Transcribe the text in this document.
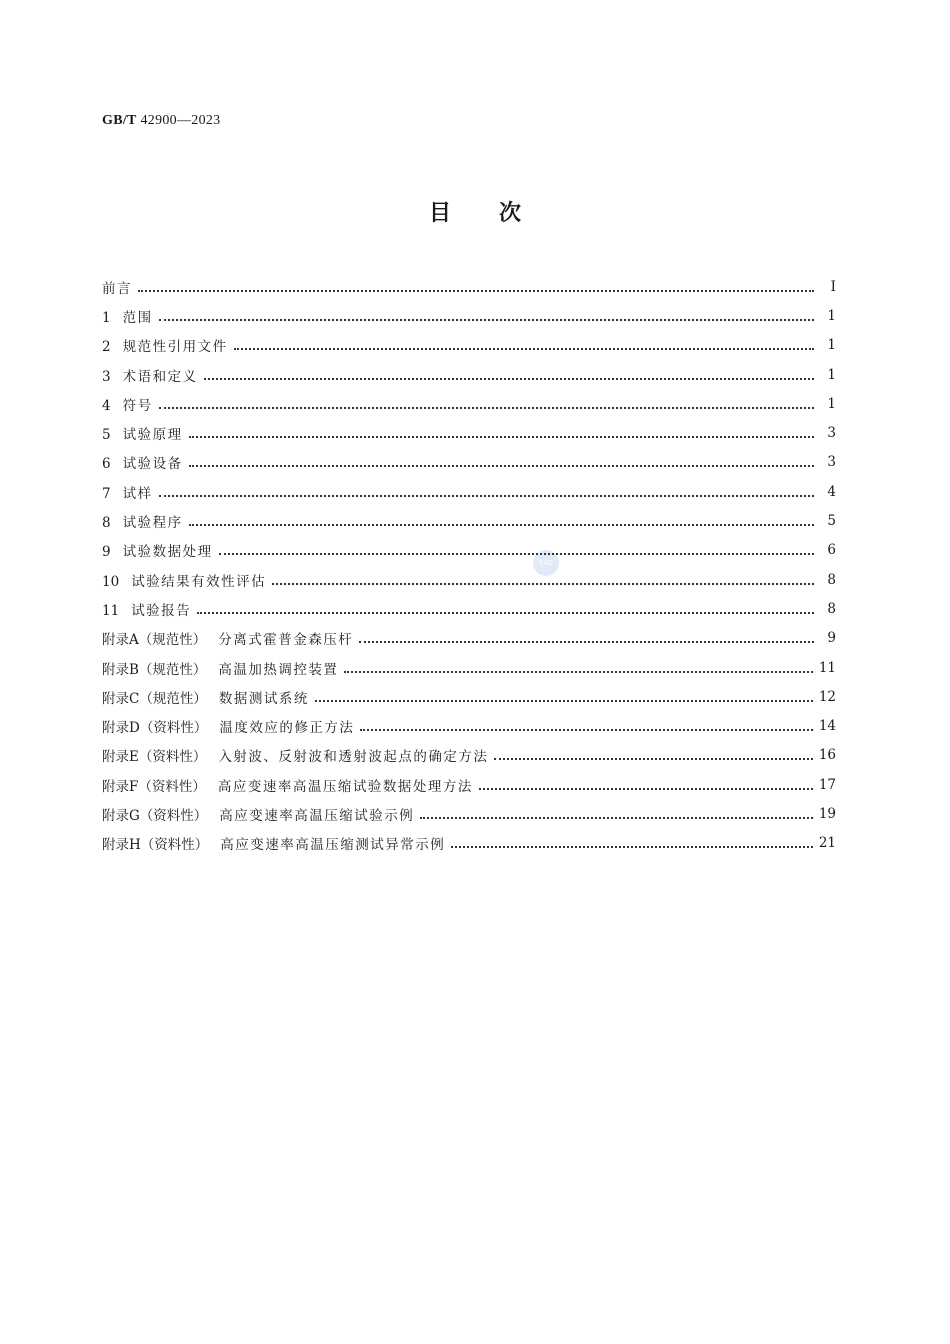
GB/T 42900—2023
目次
SAC
前言	Ⅰ
1 范围	1
2 规范性引用文件	1
3 术语和定义	1
4 符号	1
5 试验原理	3
6 试验设备	3
7 试样	4
8 试验程序	5
9 试验数据处理	6
10 试验结果有效性评估	8
11 试验报告	8
附录A（规范性） 分离式霍普金森压杆	9
附录B（规范性） 高温加热调控装置	11
附录C（规范性） 数据测试系统	12
附录D（资料性） 温度效应的修正方法	14
附录E（资料性） 入射波、反射波和透射波起点的确定方法	16
附录F（资料性） 高应变速率高温压缩试验数据处理方法	17
附录G（资料性） 高应变速率高温压缩试验示例	19
附录H（资料性） 高应变速率高温压缩测试异常示例	21
